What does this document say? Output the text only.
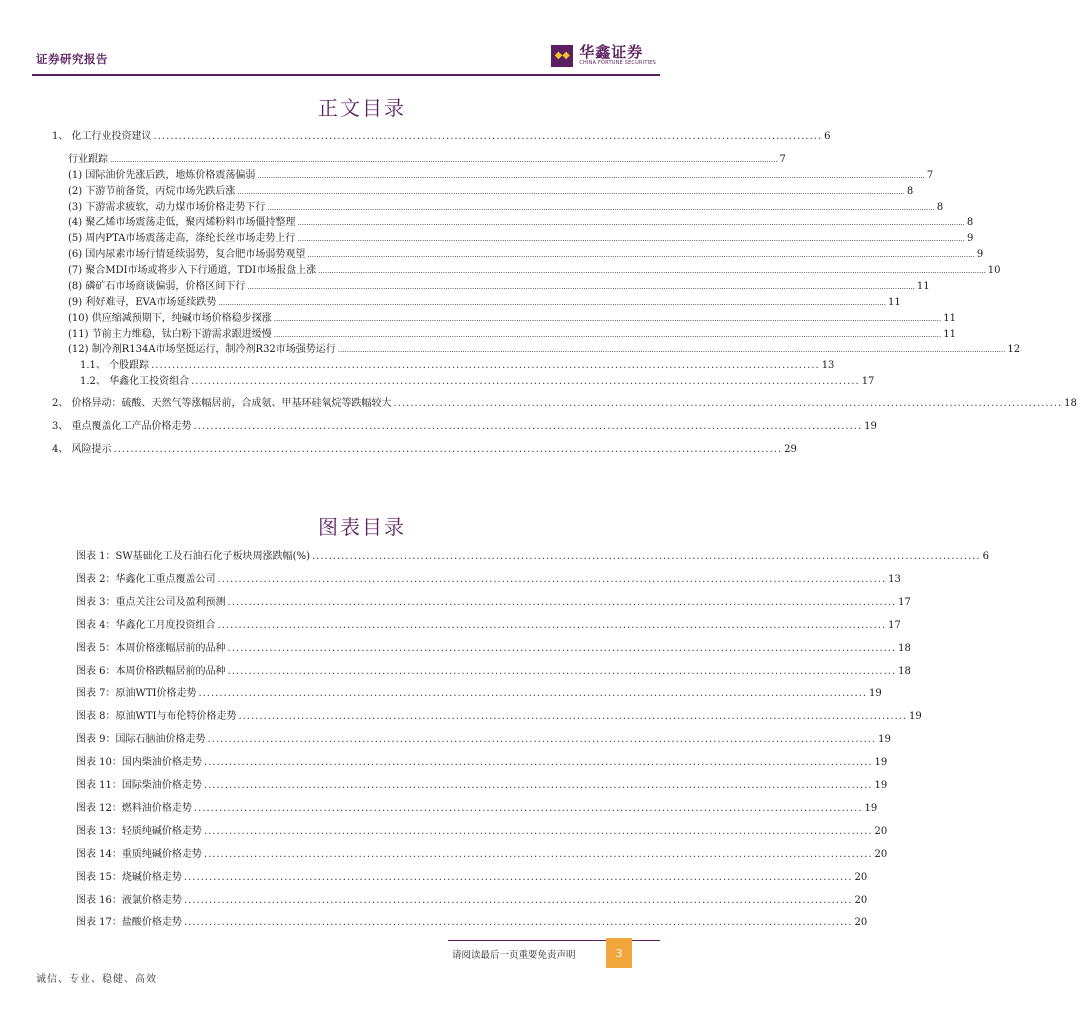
证券研究报告	◆◆ 华鑫证券
CHINA FORTUNE SECURITIES
正文目录
1、 化工行业投资建议 ................................................................................................................................................................ 6
行业跟踪 ............................................................................................................................................................................................................................................................................................................ 7
(1) 国际油价先涨后跌，地炼价格震荡偏弱 ............................................................................................................................................................................................................................................................................................................ 7
(2) 下游节前备货，丙烷市场先跌后涨 ............................................................................................................................................................................................................................................................................................................ 8
(3) 下游需求疲软，动力煤市场价格走势下行 ............................................................................................................................................................................................................................................................................................................ 8
(4) 聚乙烯市场震荡走低，聚丙烯粉料市场僵持整理 ............................................................................................................................................................................................................................................................................................................ 8
(5) 周内PTA市场震荡走高，涤纶长丝市场走势上行 ............................................................................................................................................................................................................................................................................................................ 9
(6) 国内尿素市场行情延续弱势，复合肥市场弱势观望 ............................................................................................................................................................................................................................................................................................................ 9
(7) 聚合MDI市场或将步入下行通道，TDI市场报盘上涨 ............................................................................................................................................................................................................................................................................................................ 10
(8) 磷矿石市场商谈偏弱，价格区间下行 ............................................................................................................................................................................................................................................................................................................ 11
(9) 利好难寻，EVA市场延续跌势 ............................................................................................................................................................................................................................................................................................................ 11
(10) 供应缩减预期下，纯碱市场价格稳步探涨 ............................................................................................................................................................................................................................................................................................................ 11
(11) 节前主力维稳，钛白粉下游需求跟进缓慢 ............................................................................................................................................................................................................................................................................................................ 11
(12) 制冷剂R134A市场坚挺运行，制冷剂R32市场强势运行 ............................................................................................................................................................................................................................................................................................................ 12
1.1、 个股跟踪 ................................................................................................................................................................ 13
1.2、 华鑫化工投资组合 ................................................................................................................................................................ 17
2、 价格异动：硫酸、天然气等涨幅居前，合成氨、甲基环硅氧烷等跌幅较大 ................................................................................................................................................................ 18
3、 重点覆盖化工产品价格走势 ................................................................................................................................................................ 19
4、 风险提示 ................................................................................................................................................................ 29
图表目录
图表 1：SW基础化工及石油石化子板块周涨跌幅(%) ................................................................................................................................................................ 6
图表 2：华鑫化工重点覆盖公司 ................................................................................................................................................................ 13
图表 3：重点关注公司及盈利预测 ................................................................................................................................................................ 17
图表 4：华鑫化工月度投资组合 ................................................................................................................................................................ 17
图表 5：本周价格涨幅居前的品种 ................................................................................................................................................................ 18
图表 6：本周价格跌幅居前的品种 ................................................................................................................................................................ 18
图表 7：原油WTI价格走势 ................................................................................................................................................................ 19
图表 8：原油WTI与布伦特价格走势 ................................................................................................................................................................ 19
图表 9：国际石脑油价格走势 ................................................................................................................................................................ 19
图表 10：国内柴油价格走势 ................................................................................................................................................................ 19
图表 11：国际柴油价格走势 ................................................................................................................................................................ 19
图表 12：燃料油价格走势 ................................................................................................................................................................ 19
图表 13：轻质纯碱价格走势 ................................................................................................................................................................ 20
图表 14：重质纯碱价格走势 ................................................................................................................................................................ 20
图表 15：烧碱价格走势 ................................................................................................................................................................ 20
图表 16：液氯价格走势 ................................................................................................................................................................ 20
图表 17：盐酸价格走势 ................................................................................................................................................................ 20
请阅读最后一页重要免责声明	3
诚信、专业、稳健、高效
